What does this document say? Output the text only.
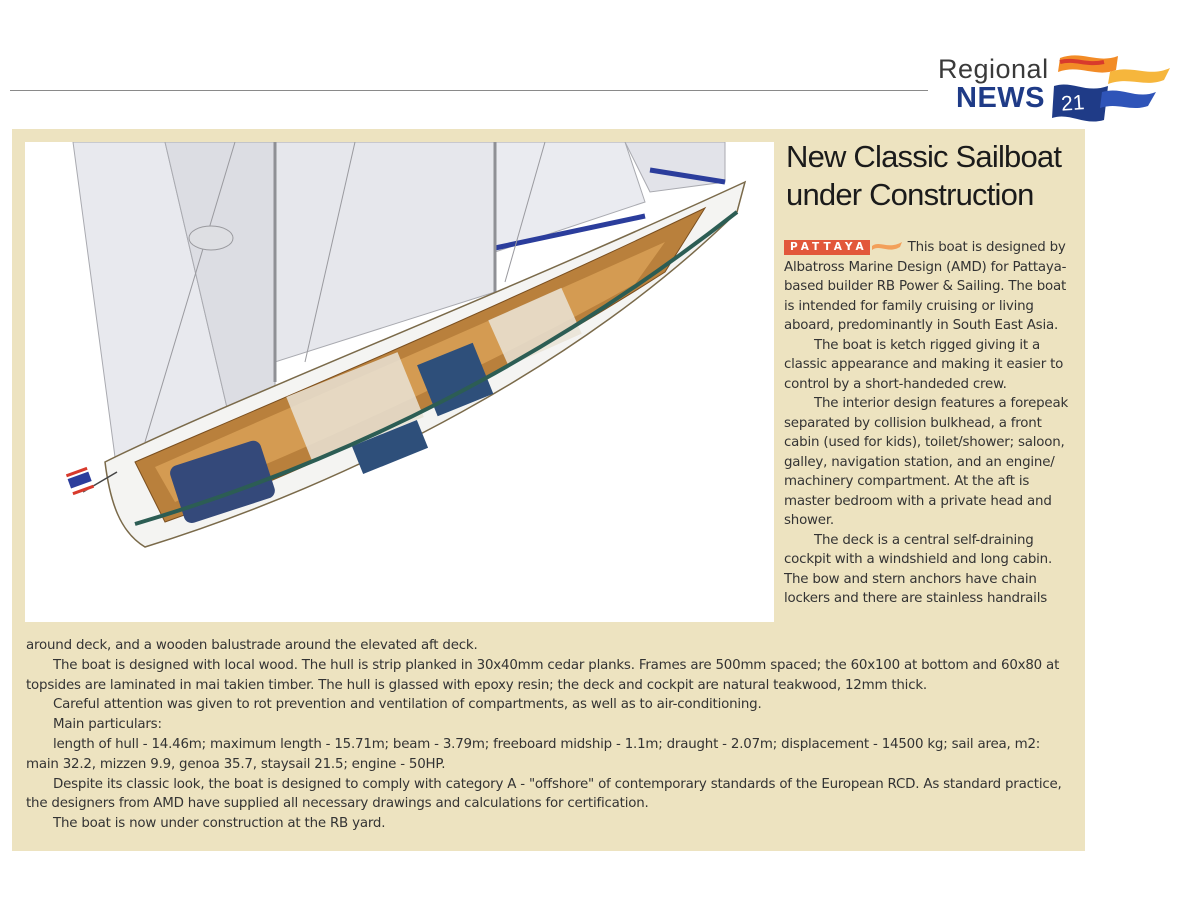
Regional
NEWS 21
New Classic Sailboat
under Construction

PATTAYA	This boat is designed by Albatross Marine Design (AMD) for Pattaya-based builder RB Power & Sailing. The boat is intended for family cruising or living aboard, predominantly in South East Asia.

The boat is ketch rigged giving it a classic appearance and making it easier to control by a short-handeded crew.

The interior design features a forepeak separated by collision bulkhead, a front cabin (used for kids), toilet/shower; saloon, galley, navigation station, and an engine/ machinery compartment. At the aft is master bedroom with a private head and shower.

The deck is a central self-draining cockpit with a windshield and long cabin. The bow and stern anchors have chain lockers and there are stainless handrails

around deck, and a wooden balustrade around the elevated aft deck.

The boat is designed with local wood. The hull is strip planked in 30x40mm cedar planks. Frames are 500mm spaced; the 60x100 at bottom and 60x80 at topsides are laminated in mai takien timber. The hull is glassed with epoxy resin; the deck and cockpit are natural teakwood, 12mm thick.

Careful attention was given to rot prevention and ventilation of compartments, as well as to air-conditioning.

Main particulars:

length of hull - 14.46m; maximum length - 15.71m; beam - 3.79m; freeboard midship - 1.1m; draught - 2.07m; displacement - 14500 kg; sail area, m2: main 32.2, mizzen 9.9, genoa 35.7, staysail 21.5; engine - 50HP.

Despite its classic look, the boat is designed to comply with category A - "offshore" of contemporary standards of the European RCD. As standard practice, the designers from AMD have supplied all necessary drawings and calculations for certification.

The boat is now under construction at the RB yard.
